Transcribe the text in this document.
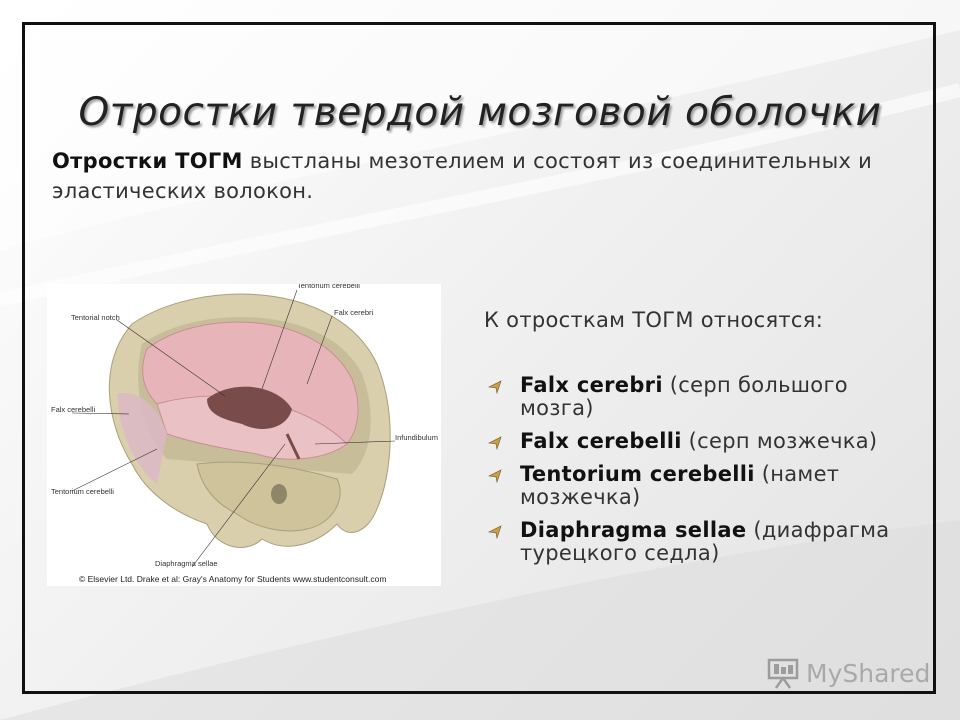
Отростки твердой мозговой оболочки
Отростки ТОГМ выстланы мезотелием и состоят из соединительных и эластических волокон.
Tentorium cerebelli
Falx cerebri
Tentorial notch
Falx cerebelli
Infundibulum
Tentorium cerebelli
Diaphragma sellae
© Elsevier Ltd. Drake et al: Gray's Anatomy for Students www.studentconsult.com
К отросткам ТОГМ относятся:
Falx cerebri (серп большого мозга)
Falx cerebelli (серп мозжечка)
Tentorium cerebelli (намет мозжечка)
Diaphragma sellae (диафрагма турецкого седла)
MyShared
